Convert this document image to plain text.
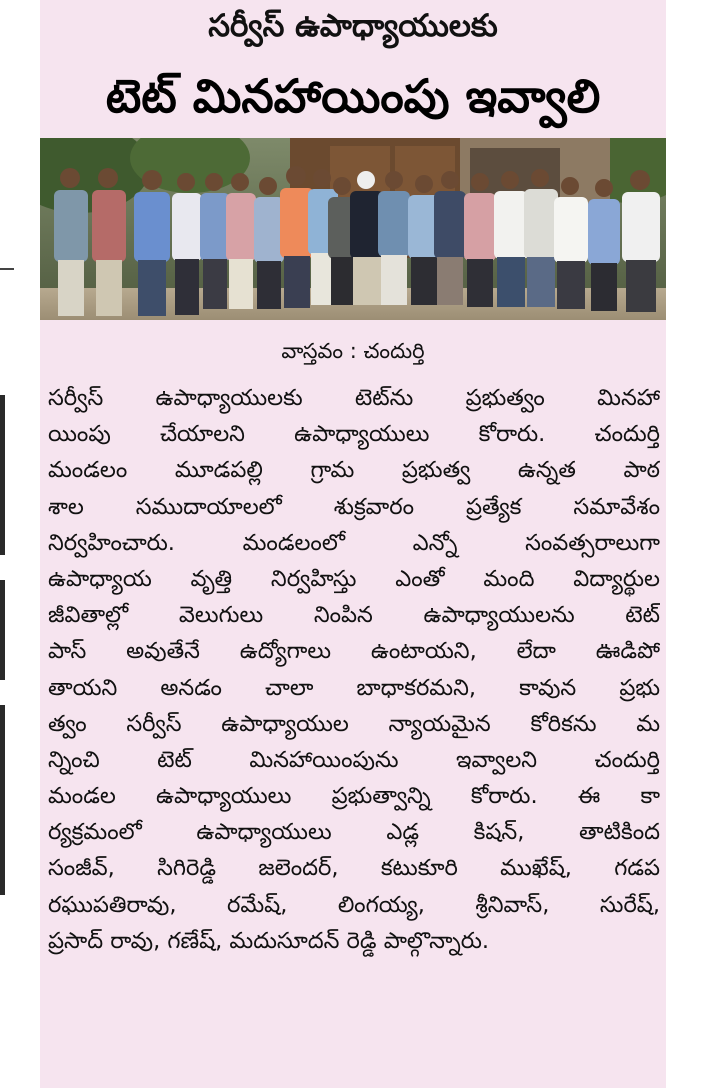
సర్వీస్ ఉపాధ్యాయులకు
టెట్ మినహాయింపు ఇవ్వాలి
వాస్తవం : చందుర్తి
సర్వీస్ ఉపాధ్యాయులకు టెట్‌ను ప్రభుత్వం మినహా
యింపు చేయాలని ఉపాధ్యాయులు కోరారు. చందుర్తి
మండలం మూడపల్లి గ్రామ ప్రభుత్వ ఉన్నత పాఠ
శాల సముదాయాలలో శుక్రవారం ప్రత్యేక సమావేశం
నిర్వహించారు. మండలంలో ఎన్నో సంవత్సరాలుగా
ఉపాధ్యాయ వృత్తి నిర్వహిస్తు ఎంతో మంది విద్యార్థుల
జీవితాల్లో వెలుగులు నింపిన ఉపాధ్యాయులను టెట్
పాస్ అవుతేనే ఉద్యోగాలు ఉంటాయని, లేదా ఊడిపో
తాయని అనడం చాలా బాధాకరమని, కావున ప్రభు
త్వం సర్వీస్ ఉపాధ్యాయుల న్యాయమైన కోరికను మ
న్నించి టెట్ మినహాయింపును ఇవ్వాలని చందుర్తి
మండల ఉపాధ్యాయులు ప్రభుత్వాన్ని కోరారు. ఈ కా
ర్యక్రమంలో ఉపాధ్యాయులు ఎడ్ల కిషన్, తాటికింద
సంజీవ్, సిగిరెడ్డి జలెందర్, కటుకూరి ముఖేష్, గడప
రఘుపతిరావు, రమేష్, లింగయ్య, శ్రీనివాస్, సురేష్,
ప్రసాద్ రావు, గణేష్, మదుసూదన్ రెడ్డి పాల్గొన్నారు.
